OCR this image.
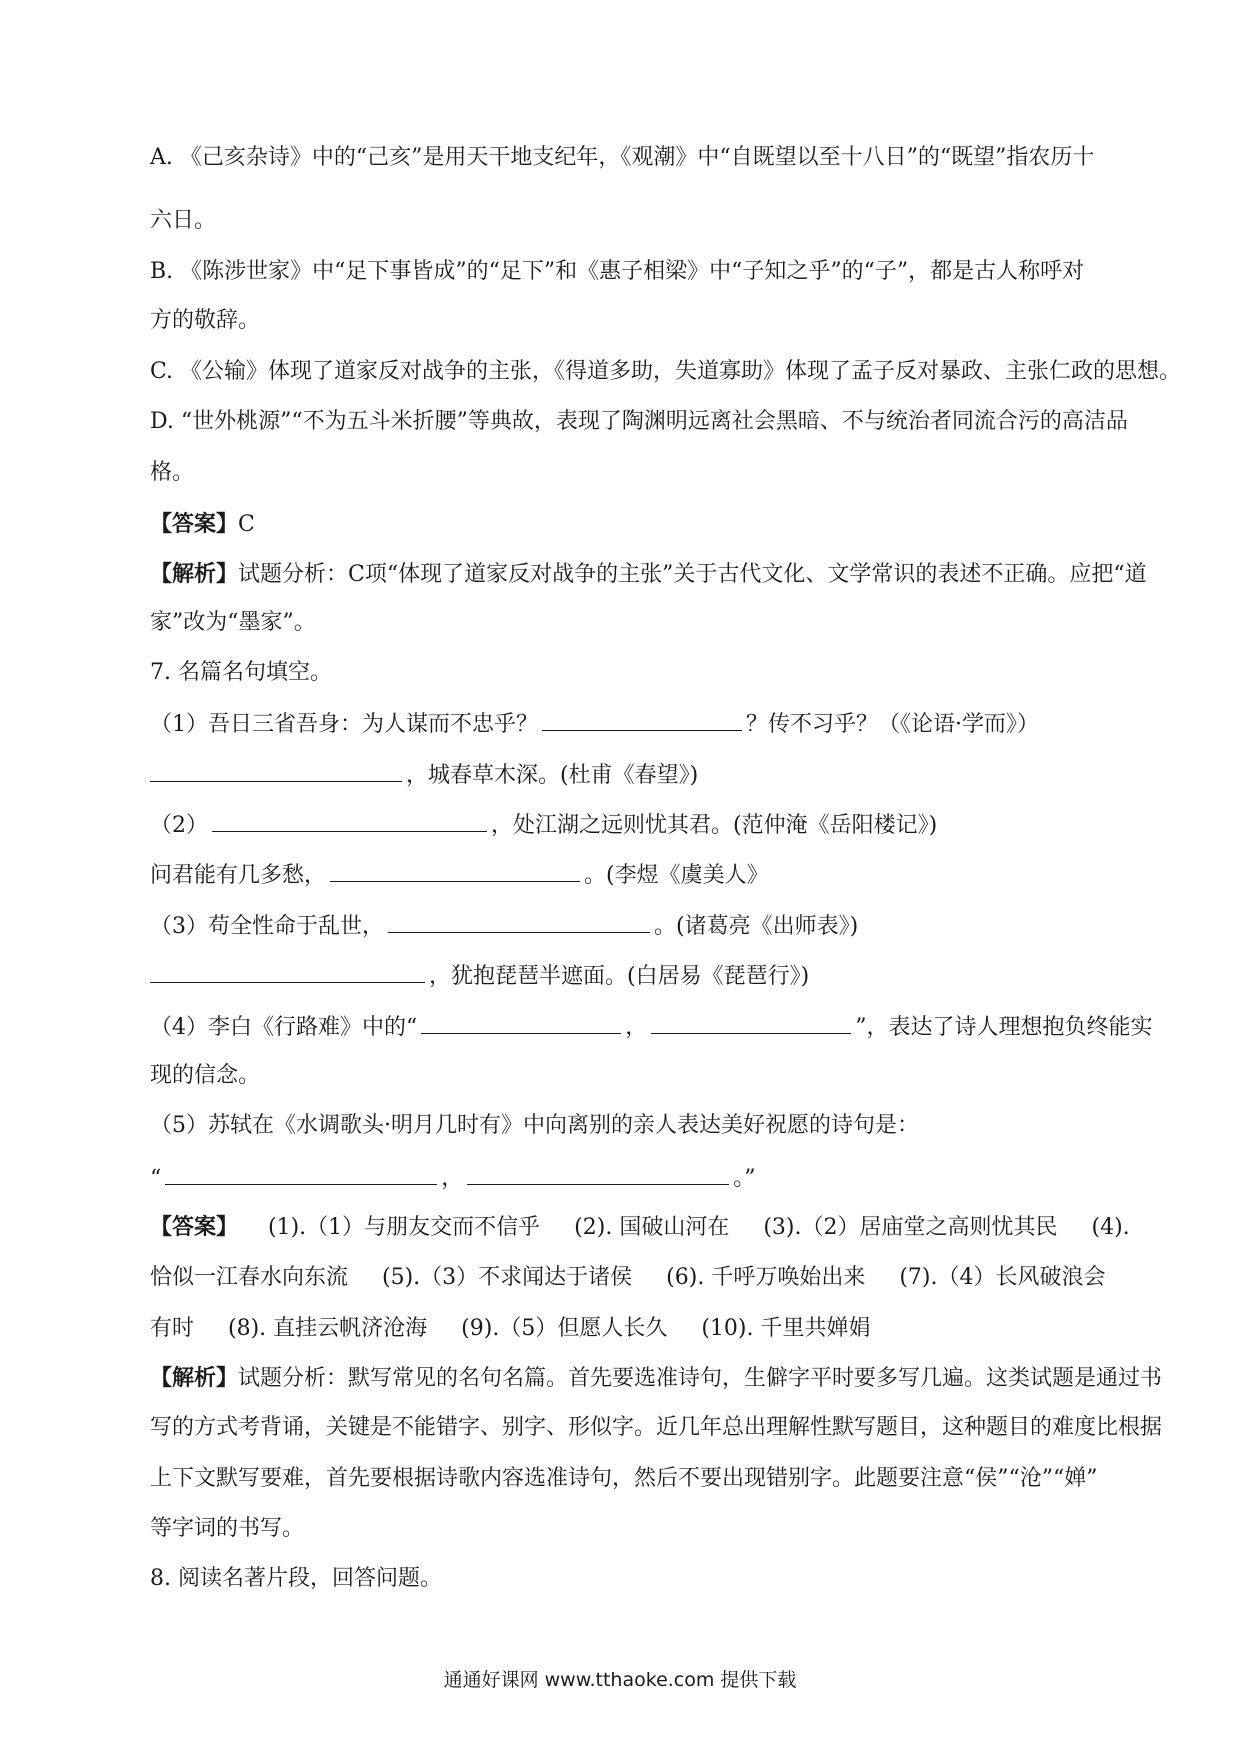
A. 《己亥杂诗》中的“己亥”是用天干地支纪年，《观潮》中“自既望以至十八日”的“既望”指农历十
六日。
B. 《陈涉世家》中“足下事皆成”的“足下”和《惠子相梁》中“子知之乎”的“子”，都是古人称呼对
方的敬辞。
C. 《公输》体现了道家反对战争的主张，《得道多助，失道寡助》体现了孟子反对暴政、主张仁政的思想。
D. “世外桃源”“不为五斗米折腰”等典故，表现了陶渊明远离社会黑暗、不与统治者同流合污的高洁品
格。
【答案】C
【解析】试题分析：C项“体现了道家反对战争的主张”关于古代文化、文学常识的表述不正确。应把“道
家”改为“墨家”。
7. 名篇名句填空。
（1）吾日三省吾身：为人谋而不忠乎？	？传不习乎？（《论语·学而》）
，城春草木深。(杜甫《春望》)
（2）	，处江湖之远则忧其君。(范仲淹《岳阳楼记》)
问君能有几多愁，	。(李煜《虞美人》
（3）苟全性命于乱世，	。(诸葛亮《出师表》)
，犹抱琵琶半遮面。(白居易《琵琶行》)
（4）李白《行路难》中的“	，	”，表达了诗人理想抱负终能实
现的信念。
（5）苏轼在《水调歌头·明月几时有》中向离别的亲人表达美好祝愿的诗句是：
“	，	。”
【答案】 (1).（1）与朋友交而不信乎 (2). 国破山河在 (3).（2）居庙堂之高则忧其民 (4).
恰似一江春水向东流 (5).（3）不求闻达于诸侯 (6). 千呼万唤始出来 (7).（4）长风破浪会
有时 (8). 直挂云帆济沧海 (9).（5）但愿人长久 (10). 千里共婵娟
【解析】试题分析：默写常见的名句名篇。首先要选准诗句，生僻字平时要多写几遍。这类试题是通过书
写的方式考背诵，关键是不能错字、别字、形似字。近几年总出理解性默写题目，这种题目的难度比根据
上下文默写要难，首先要根据诗歌内容选准诗句，然后不要出现错别字。此题要注意“侯”“沧”“婵”
等字词的书写。
8. 阅读名著片段，回答问题。
通通好课网 www.tthaoke.com 提供下载
